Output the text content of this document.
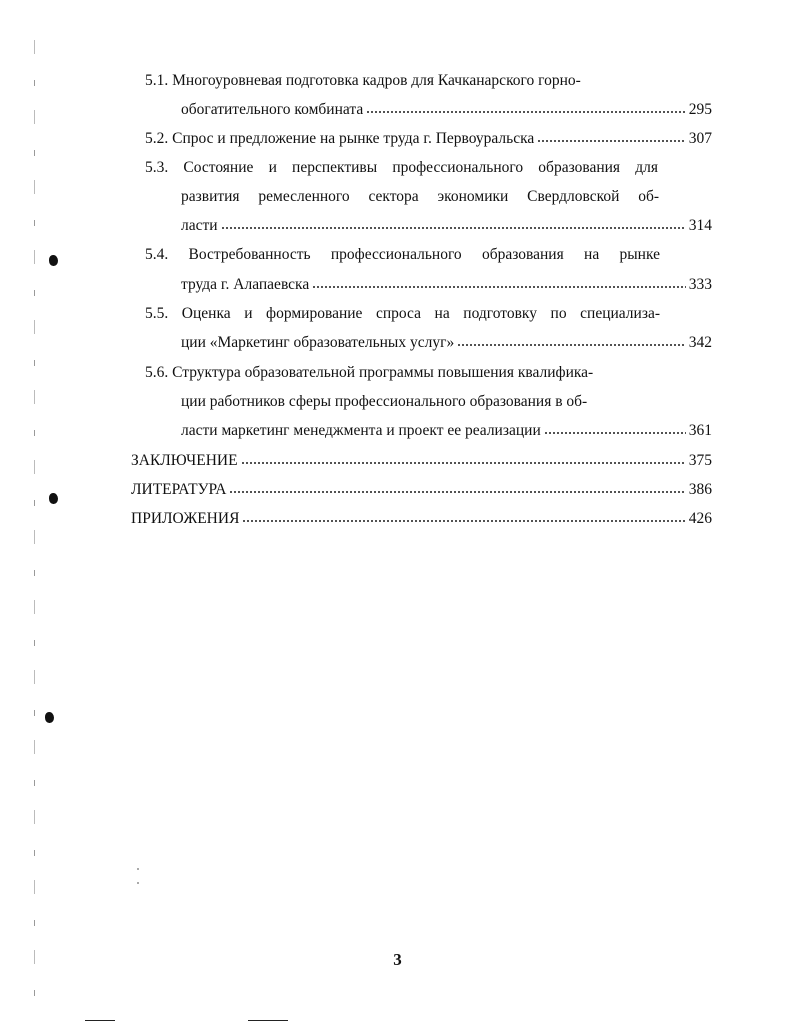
5.1. Многоуровневая подготовка кадров для Качканарского горно-
обогатительного комбината	295
5.2. Спрос и предложение на рынке труда г. Первоуральска	307
5.3. Состояние и перспективы профессионального образования для
развития ремесленного сектора экономики Свердловской об-
ласти	314
5.4. Востребованность профессионального образования на рынке
труда г. Алапаевска	333
5.5. Оценка и формирование спроса на подготовку по специализа-
ции «Маркетинг образовательных услуг»	342
5.6. Структура образовательной программы повышения квалифика-
ции работников сферы профессионального образования в об-
ласти маркетинг менеджмента и проект ее реализации	361
ЗАКЛЮЧЕНИЕ	375
ЛИТЕРАТУРА	386
ПРИЛОЖЕНИЯ	426
3
